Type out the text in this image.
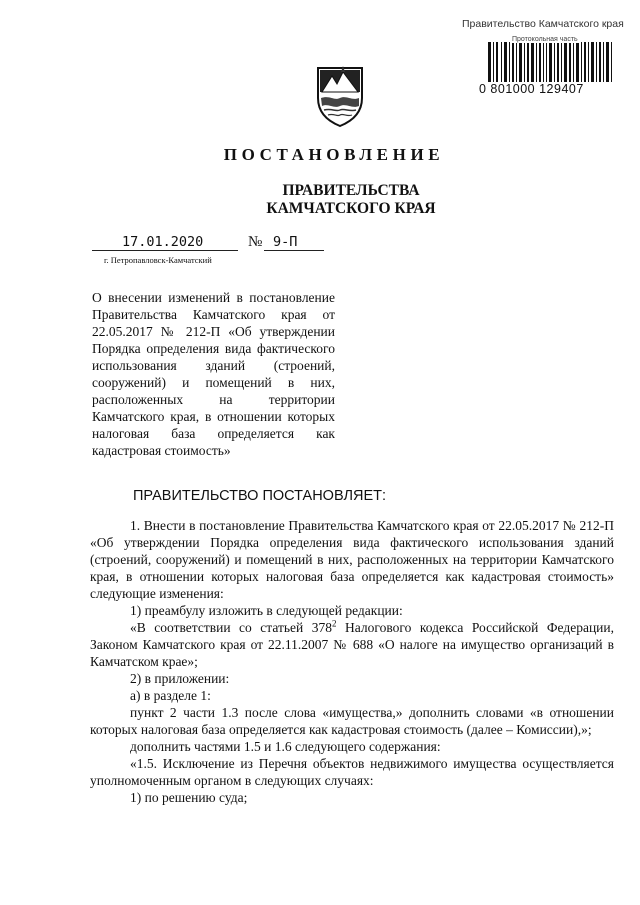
Правительство Камчатского края
Протокольная часть
0 801000 129407
ПОСТАНОВЛЕНИЕ
ПРАВИТЕЛЬСТВА
КАМЧАТСКОГО КРАЯ
17.01.2020	№ 9-П
г. Петропавловск-Камчатский
О внесении изменений в постановление Правительства Камчатского края от 22.05.2017 № 212-П «Об утверждении Порядка определения вида фактического использования зданий (строений, сооружений) и помещений в них, расположенных на территории Камчатского края, в отношении которых налоговая база определяется как кадастровая стоимость»
ПРАВИТЕЛЬСТВО ПОСТАНОВЛЯЕТ:

1. Внести в постановление Правительства Камчатского края от 22.05.2017 № 212-П «Об утверждении Порядка определения вида фактического использования зданий (строений, сооружений) и помещений в них, расположенных на территории Камчатского края, в отношении которых налоговая база определяется как кадастровая стоимость» следующие изменения:

1) преамбулу изложить в следующей редакции:

«В соответствии со статьей $378^2$ Налогового кодекса Российской Федерации, Законом Камчатского края от 22.11.2007 № 688 «О налоге на имущество организаций в Камчатском крае»;

2) в приложении:

а) в разделе 1:

пункт 2 части 1.3 после слова «имущества,» дополнить словами «в отношении которых налоговая база определяется как кадастровая стоимость (далее – Комиссии),»;

дополнить частями 1.5 и 1.6 следующего содержания:

«1.5. Исключение из Перечня объектов недвижимого имущества осуществляется уполномоченным органом в следующих случаях:

1) по решению суда;
